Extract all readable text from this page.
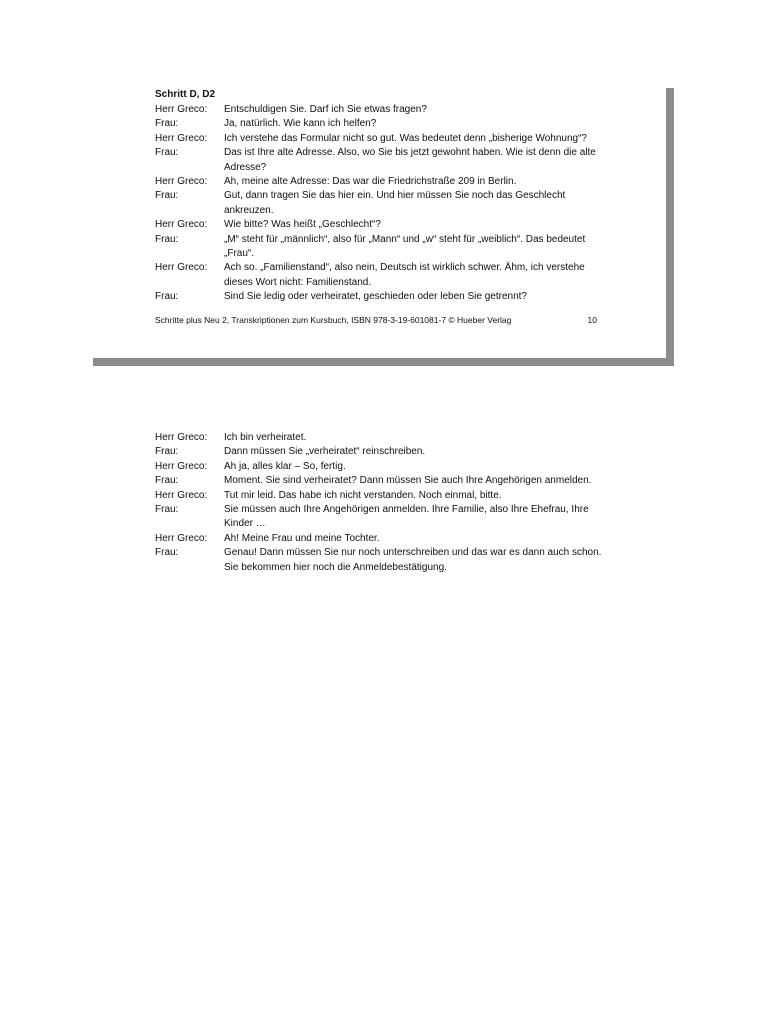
Schritt D, D2
Herr Greco:	Entschuldigen Sie. Darf ich Sie etwas fragen?
Frau:	Ja, natürlich. Wie kann ich helfen?
Herr Greco:	Ich verstehe das Formular nicht so gut. Was bedeutet denn „bisherige Wohnung“?
Frau:	Das ist Ihre alte Adresse. Also, wo Sie bis jetzt gewohnt haben. Wie ist denn die alte Adresse?
Herr Greco:	Ah, meine alte Adresse: Das war die Friedrichstraße 209 in Berlin.
Frau:	Gut, dann tragen Sie das hier ein. Und hier müssen Sie noch das Geschlecht ankreuzen.
Herr Greco:	Wie bitte? Was heißt „Geschlecht“?
Frau:	„M“ steht für „männlich“, also für „Mann“ und „w“ steht für „weiblich“. Das bedeutet „Frau“.
Herr Greco:	Ach so. „Familienstand“, also nein, Deutsch ist wirklich schwer. Ähm, ich verstehe dieses Wort nicht: Familienstand.
Frau:	Sind Sie ledig oder verheiratet, geschieden oder leben Sie getrennt?
Schritte plus Neu 2, Transkriptionen zum Kursbuch, ISBN 978-3-19-601081-7 © Hueber Verlag	10
Herr Greco:	Ich bin verheiratet.
Frau:	Dann müssen Sie „verheiratet“ reinschreiben.
Herr Greco:	Ah ja, alles klar – So, fertig.
Frau:	Moment. Sie sind verheiratet? Dann müssen Sie auch Ihre Angehörigen anmelden.
Herr Greco:	Tut mir leid. Das habe ich nicht verstanden. Noch einmal, bitte.
Frau:	Sie müssen auch Ihre Angehörigen anmelden. Ihre Familie, also Ihre Ehefrau, Ihre Kinder …
Herr Greco:	Ah! Meine Frau und meine Tochter.
Frau:	Genau! Dann müssen Sie nur noch unterschreiben und das war es dann auch schon. Sie bekommen hier noch die Anmeldebestätigung.
